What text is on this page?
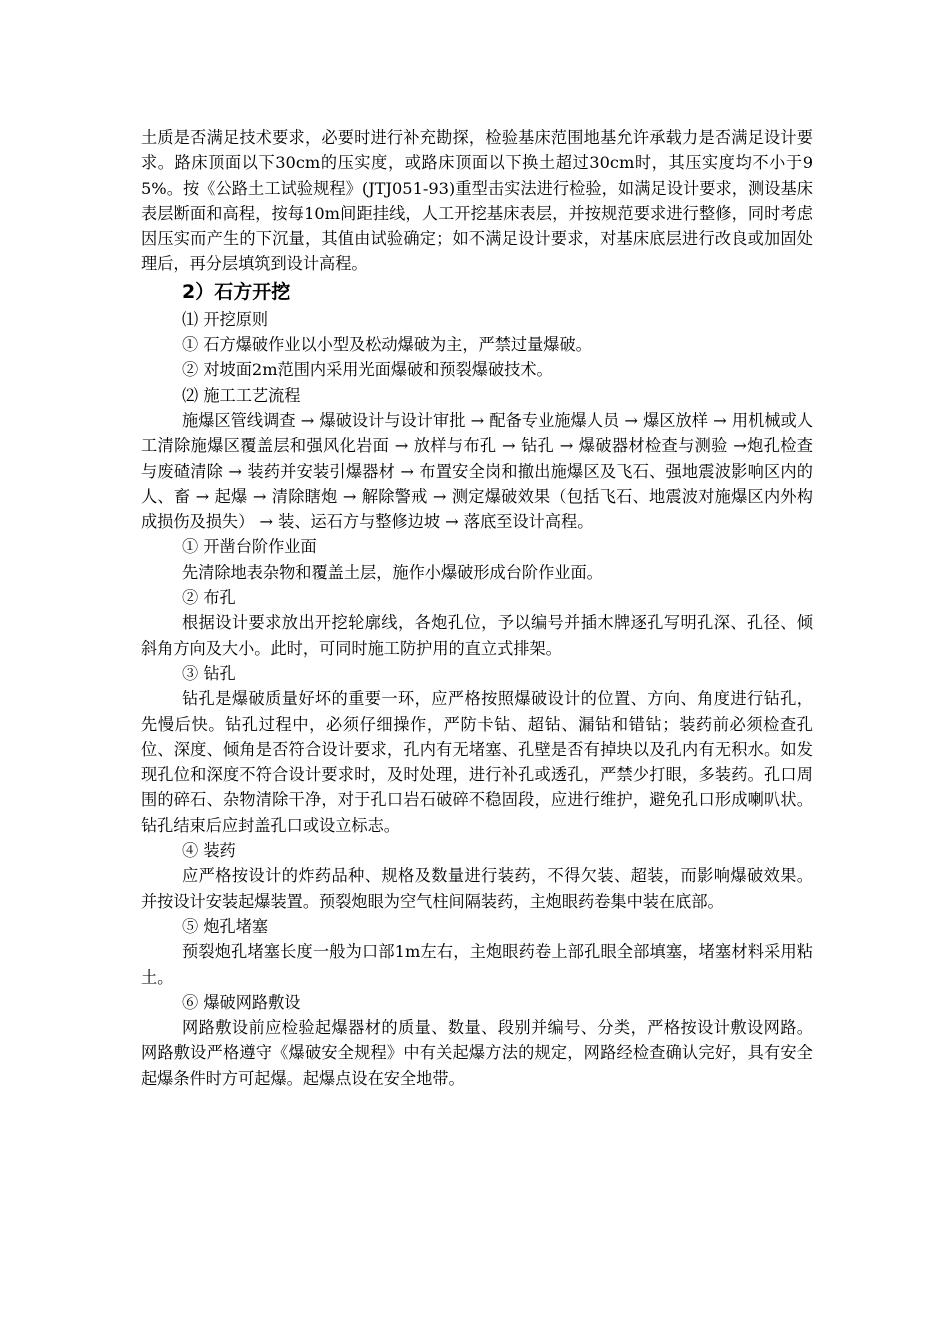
土质是否满足技术要求，必要时进行补充勘探，检验基床范围地基允许承载力是否满足设计要求。路床顶面以下30cm的压实度，或路床顶面以下换土超过30cm时，其压实度均不小于95%。按《公路土工试验规程》(JTJ051-93)重型击实法进行检验，如满足设计要求，测设基床表层断面和高程，按每10m间距挂线，人工开挖基床表层，并按规范要求进行整修，同时考虑因压实而产生的下沉量，其值由试验确定；如不满足设计要求，对基床底层进行改良或加固处理后，再分层填筑到设计高程。

2）石方开挖

⑴ 开挖原则

① 石方爆破作业以小型及松动爆破为主，严禁过量爆破。

② 对坡面2m范围内采用光面爆破和预裂爆破技术。

⑵ 施工工艺流程

施爆区管线调查 → 爆破设计与设计审批 → 配备专业施爆人员 → 爆区放样 → 用机械或人工清除施爆区覆盖层和强风化岩面 → 放样与布孔 → 钻孔 → 爆破器材检查与测验 →炮孔检查与废碴清除 → 装药并安装引爆器材 → 布置安全岗和撤出施爆区及飞石、强地震波影响区内的人、畜 → 起爆 → 清除瞎炮 → 解除警戒 → 测定爆破效果（包括飞石、地震波对施爆区内外构成损伤及损失） → 装、运石方与整修边坡 → 落底至设计高程。

① 开凿台阶作业面

先清除地表杂物和覆盖土层，施作小爆破形成台阶作业面。

② 布孔

根据设计要求放出开挖轮廓线，各炮孔位，予以编号并插木牌逐孔写明孔深、孔径、倾斜角方向及大小。此时，可同时施工防护用的直立式排架。

③ 钻孔

钻孔是爆破质量好坏的重要一环，应严格按照爆破设计的位置、方向、角度进行钻孔，先慢后快。钻孔过程中，必须仔细操作，严防卡钻、超钻、漏钻和错钻；装药前必须检查孔位、深度、倾角是否符合设计要求，孔内有无堵塞、孔壁是否有掉块以及孔内有无积水。如发现孔位和深度不符合设计要求时，及时处理，进行补孔或透孔，严禁少打眼，多装药。孔口周围的碎石、杂物清除干净，对于孔口岩石破碎不稳固段，应进行维护，避免孔口形成喇叭状。钻孔结束后应封盖孔口或设立标志。

④ 装药

应严格按设计的炸药品种、规格及数量进行装药，不得欠装、超装，而影响爆破效果。并按设计安装起爆装置。预裂炮眼为空气柱间隔装药，主炮眼药卷集中装在底部。

⑤ 炮孔堵塞

预裂炮孔堵塞长度一般为口部1m左右，主炮眼药卷上部孔眼全部填塞，堵塞材料采用粘土。

⑥ 爆破网路敷设

网路敷设前应检验起爆器材的质量、数量、段别并编号、分类，严格按设计敷设网路。网路敷设严格遵守《爆破安全规程》中有关起爆方法的规定，网路经检查确认完好，具有安全起爆条件时方可起爆。起爆点设在安全地带。
